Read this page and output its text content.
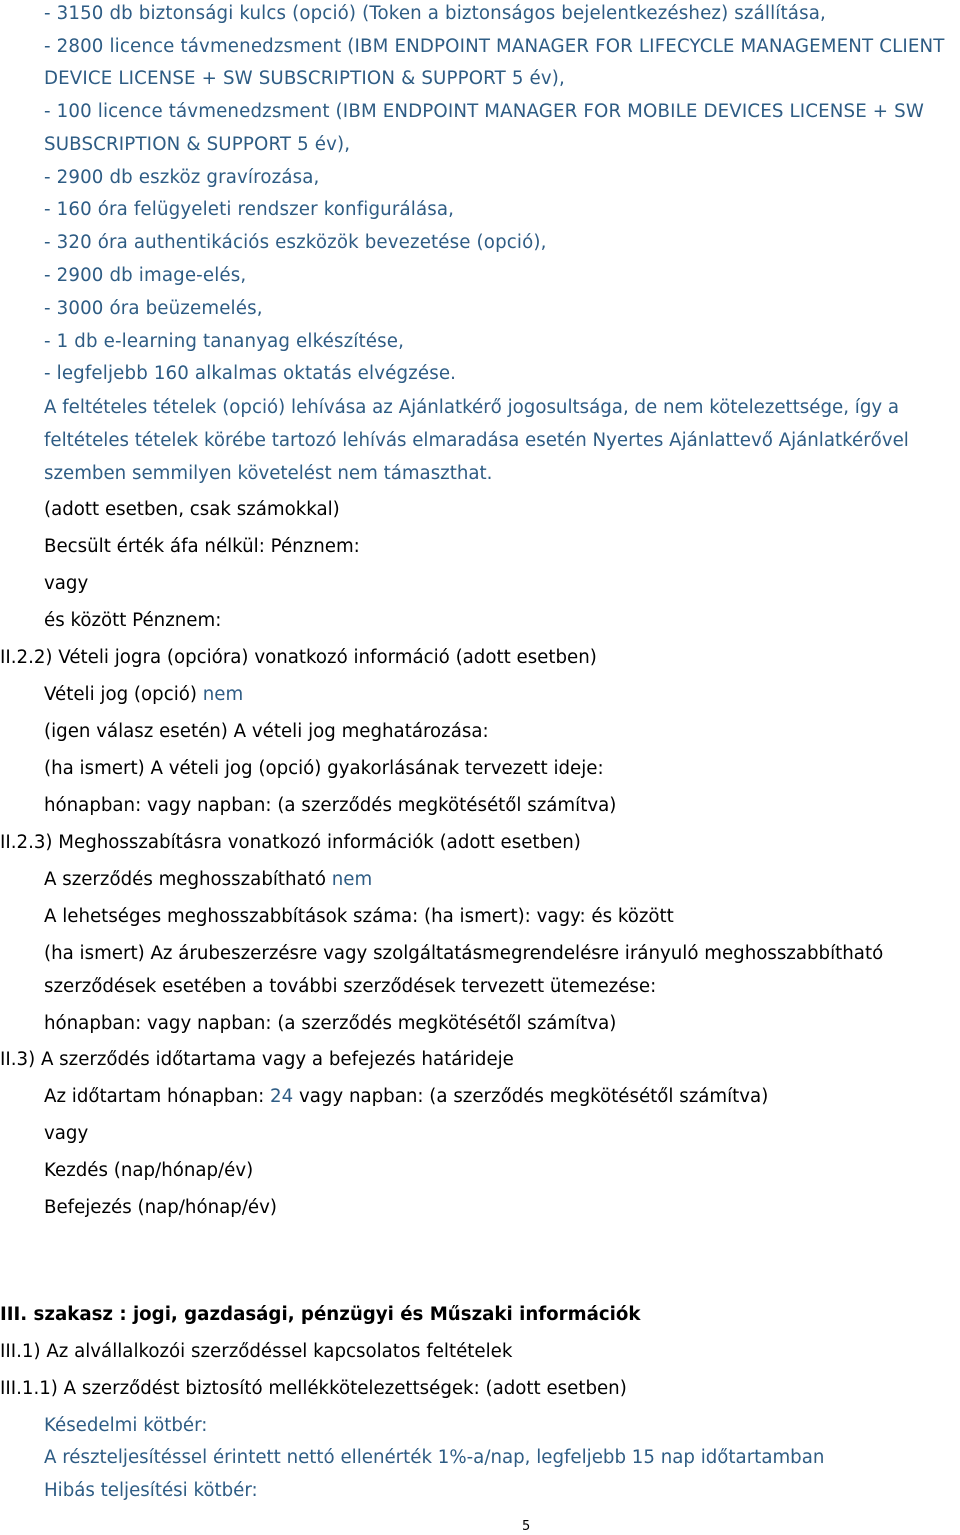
- 3150 db biztonsági kulcs (opció) (Token a biztonságos bejelentkezéshez) szállítása,
- 2800 licence távmenedzsment (IBM ENDPOINT MANAGER FOR LIFECYCLE MANAGEMENT CLIENT
DEVICE LICENSE + SW SUBSCRIPTION & SUPPORT 5 év),
- 100 licence távmenedzsment (IBM ENDPOINT MANAGER FOR MOBILE DEVICES LICENSE + SW
SUBSCRIPTION & SUPPORT 5 év),
- 2900 db eszköz gravírozása,
- 160 óra felügyeleti rendszer konfigurálása,
- 320 óra authentikációs eszközök bevezetése (opció),
- 2900 db image-elés,
- 3000 óra beüzemelés,
- 1 db e-learning tananyag elkészítése,
- legfeljebb 160 alkalmas oktatás elvégzése.
A feltételes tételek (opció) lehívása az Ajánlatkérő jogosultsága, de nem kötelezettsége, így a feltételes tételek körébe tartozó lehívás elmaradása esetén Nyertes Ajánlattevő Ajánlatkérővel szemben semmilyen követelést nem támaszthat.
(adott esetben, csak számokkal)
Becsült érték áfa nélkül: Pénznem:
vagy
és között Pénznem:
II.2.2) Vételi jogra (opcióra) vonatkozó információ (adott esetben)
Vételi jog (opció) nem
(igen válasz esetén) A vételi jog meghatározása:
(ha ismert) A vételi jog (opció) gyakorlásának tervezett ideje:
hónapban: vagy napban: (a szerződés megkötésétől számítva)
II.2.3) Meghosszabításra vonatkozó információk (adott esetben)
A szerződés meghosszabítható nem
A lehetséges meghosszabbítások száma: (ha ismert): vagy: és között
(ha ismert) Az árubeszerzésre vagy szolgáltatásmegrendelésre irányuló meghosszabbítható
szerződések esetében a további szerződések tervezett ütemezése:
hónapban: vagy napban: (a szerződés megkötésétől számítva)
II.3) A szerződés időtartama vagy a befejezés határideje
Az időtartam hónapban: 24 vagy napban: (a szerződés megkötésétől számítva)
vagy
Kezdés (nap/hónap/év)
Befejezés (nap/hónap/év)
III. szakasz : jogi, gazdasági, pénzügyi és Műszaki információk
III.1) Az alvállalkozói szerződéssel kapcsolatos feltételek
III.1.1) A szerződést biztosító mellékkötelezettségek: (adott esetben)
Késedelmi kötbér:
A részteljesítéssel érintett nettó ellenérték 1%-a/nap, legfeljebb 15 nap időtartamban
Hibás teljesítési kötbér:
5
